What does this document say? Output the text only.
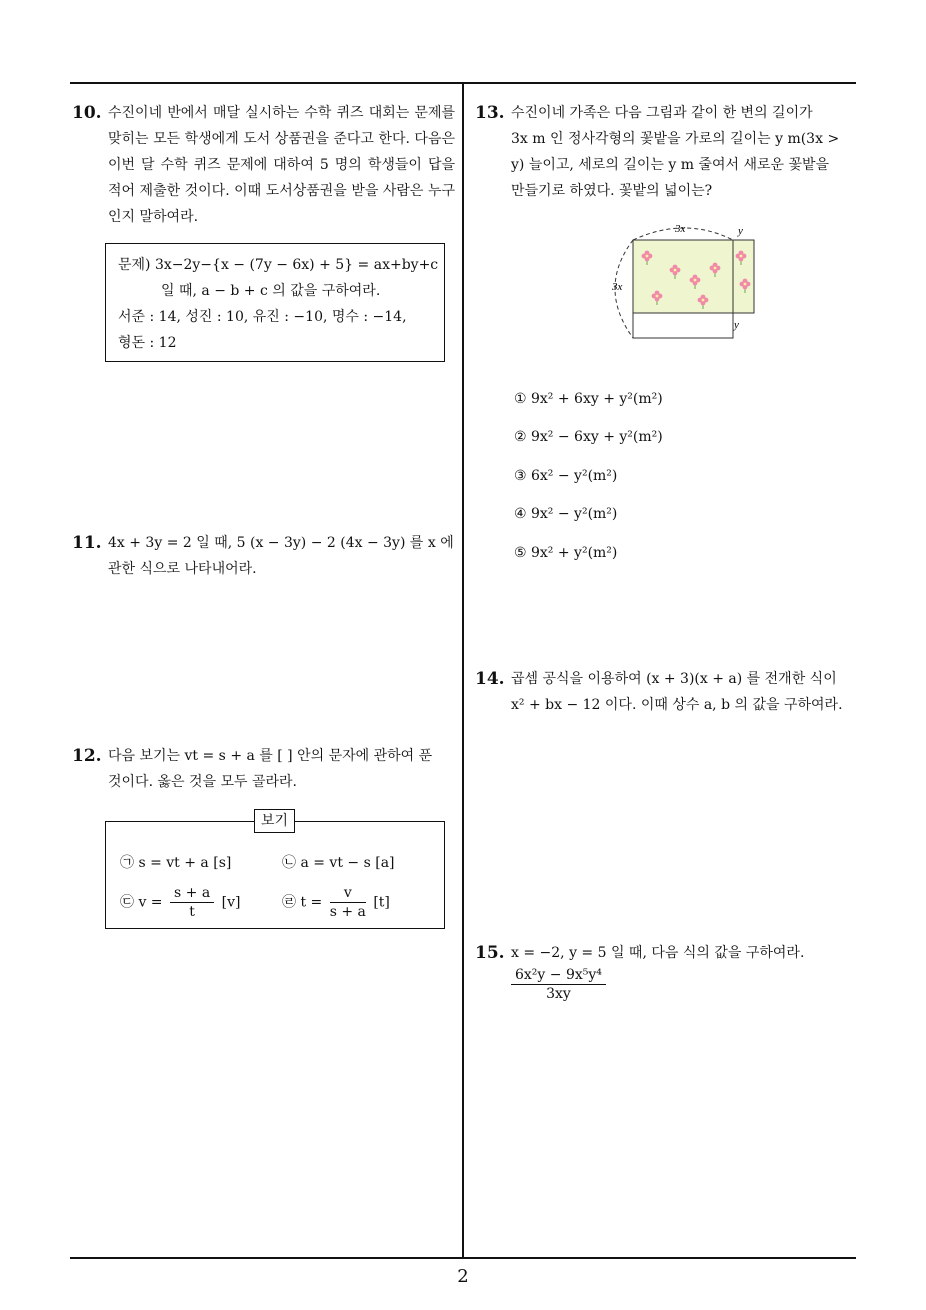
10. 수진이네 반에서 매달 실시하는 수학 퀴즈 대회는 문제를 맞히는 모든 학생에게 도서 상품권을 준다고 한다. 다음은 이번 달 수학 퀴즈 문제에 대하여 5 명의 학생들이 답을 적어 제출한 것이다. 이때 도서상품권을 받을 사람은 누구인지 말하여라.
문제) 3x−2y−{x − (7y − 6x) + 5} = ax+by+c
일 때, a − b + c 의 값을 구하여라.
서준 : 14, 성진 : 10, 유진 : −10, 명수 : −14,
형돈 : 12
11. 4x + 3y = 2 일 때, 5 (x − 3y) − 2 (4x − 3y) 를 x 에
관한 식으로 나타내어라.
12. 다음 보기는 vt = s + a 를 [ ] 안의 문자에 관하여 푼
것이다. 옳은 것을 모두 골라라.
㉠ s = vt + a [s]	㉡ a = vt − s [a]
㉢ $v = \frac{s + a}{t} [v]$	㉣ $t = \frac{v}{s + a} [t]$
보기
13. 수진이네 가족은 다음 그림과 같이 한 변의 길이가
3x m 인 정사각형의 꽃밭을 가로의 길이는 y m(3x >
y) 늘이고, 세로의 길이는 y m 줄여서 새로운 꽃밭을
만들기로 하였다. 꽃밭의 넓이는?
3x	y
3x
y
① 9x² + 6xy + y²(m²)
② 9x² − 6xy + y²(m²)
③ 6x² − y²(m²)
④ 9x² − y²(m²)
⑤ 9x² + y²(m²)
14. 곱셈 공식을 이용하여 (x + 3)(x + a) 를 전개한 식이
x² + bx − 12 이다. 이때 상수 a, b 의 값을 구하여라.
15. x = −2, y = 5 일 때, 다음 식의 값을 구하여라.
$\frac{\text{6x²y − 9x⁵y⁴}}{3xy}$
2
